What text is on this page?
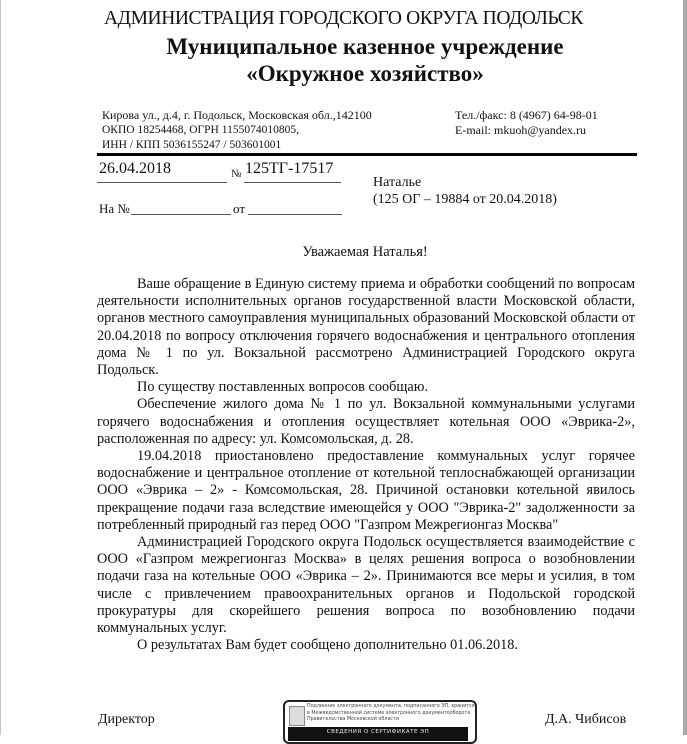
АДМИНИСТРАЦИЯ ГОРОДСКОГО ОКРУГА ПОДОЛЬСК
Муниципальное казенное учреждение
«Окружное хозяйство»
Кирова ул., д.4, г. Подольск, Московская обл.,142100
ОКПО 18254468, ОГРН 1155074010805,
ИНН / КПП 5036155247 / 503601001
Тел./факс: 8 (4967) 64-98-01
E-mail: mkuoh@yandex.ru
26.04.2018	№ 125ТГ-17517
На №	от
Наталье
(125 ОГ – 19884 от 20.04.2018)
Уважаемая Наталья!

Ваше обращение в Единую систему приема и обработки сообщений по вопросам деятельности исполнительных органов государственной власти Московской области, органов местного самоуправления муниципальных образований Московской области от 20.04.2018 по вопросу отключения горячего водоснабжения и центрального отопления дома № 1 по ул. Вокзальной рассмотрено Администрацией Городского округа Подольск.

По существу поставленных вопросов сообщаю.

Обеспечение жилого дома № 1 по ул. Вокзальной коммунальными услугами горячего водоснабжения и отопления осуществляет котельная ООО «Эврика-2», расположенная по адресу: ул. Комсомольская, д. 28.

19.04.2018 приостановлено предоставление коммунальных услуг горячее водоснабжение и центральное отопление от котельной теплоснабжающей организации ООО «Эврика – 2» - Комсомольская, 28. Причиной остановки котельной явилось прекращение подачи газа вследствие имеющейся у ООО "Эврика-2" задолженности за потребленный природный газ перед ООО "Газпром Межрегионгаз Москва"

Администрацией Городского округа Подольск осуществляется взаимодействие с ООО «Газпром межрегионгаз Москва» в целях решения вопроса о возобновлении подачи газа на котельные ООО «Эврика – 2». Принимаются все меры и усилия, в том числе с привлечением правоохранительных органов и Подольской городской прокуратуры для скорейшего решения вопроса по возобновлению подачи коммунальных услуг.

О результатах Вам будет сообщено дополнительно 01.06.2018.

Директор
Подлинник электронного документа, подписанного ЭП, хранится в Межведомственной системе электронного документооборота Правительства Московской области
СВЕДЕНИЯ О СЕРТИФИКАТЕ ЭП
Д.А. Чибисов
